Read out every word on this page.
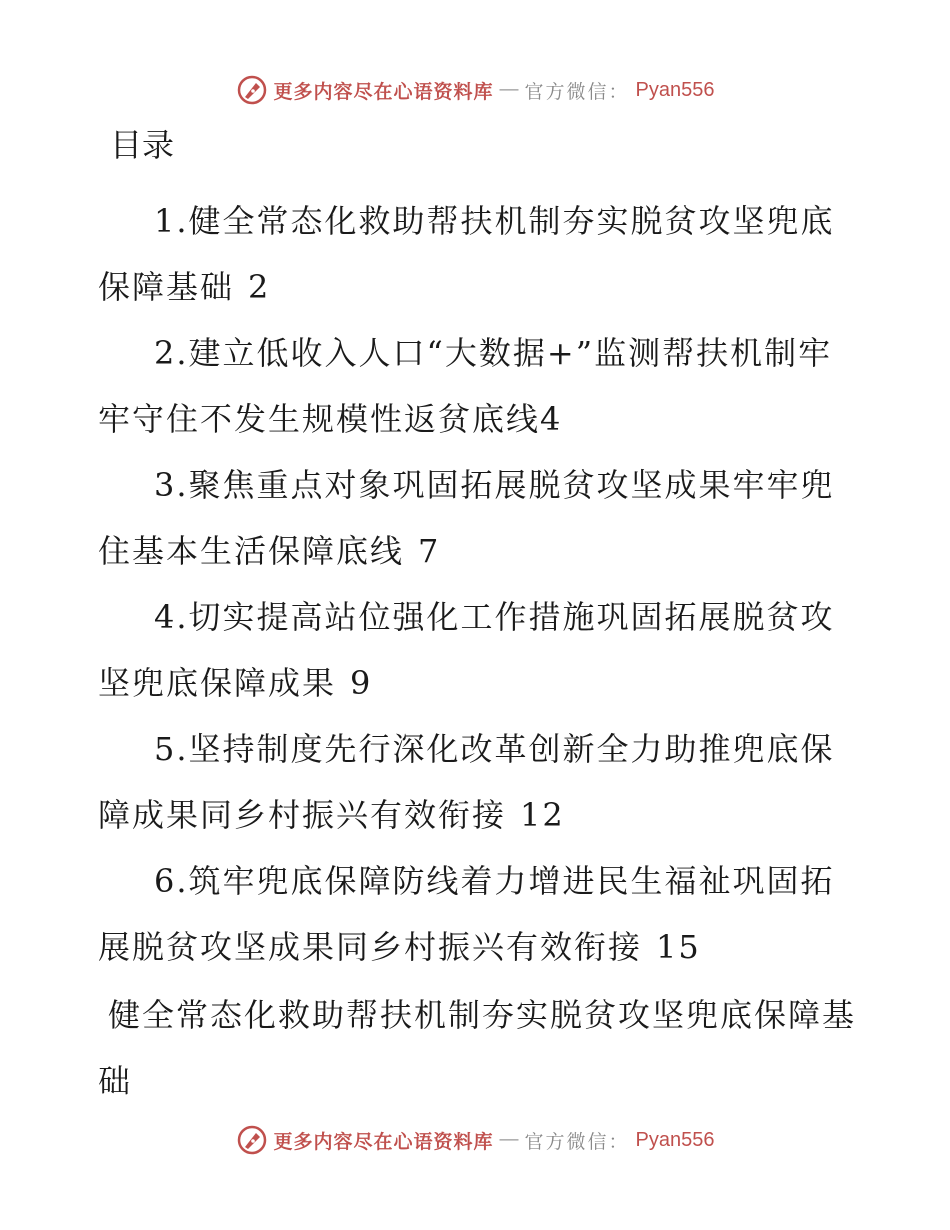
更多内容尽在心语资料库 — 官方微信： Pyan556
目录
1.健全常态化救助帮扶机制夯实脱贫攻坚兜底保障基础 2
2.建立低收入人口“大数据+”监测帮扶机制牢牢守住不发生规模性返贫底线4
3.聚焦重点对象巩固拓展脱贫攻坚成果牢牢兜住基本生活保障底线 7
4.切实提高站位强化工作措施巩固拓展脱贫攻坚兜底保障成果 9
5.坚持制度先行深化改革创新全力助推兜底保障成果同乡村振兴有效衔接 12
6.筑牢兜底保障防线着力增进民生福祉巩固拓展脱贫攻坚成果同乡村振兴有效衔接 15
健全常态化救助帮扶机制夯实脱贫攻坚兜底保障基础
更多内容尽在心语资料库 — 官方微信： Pyan556
